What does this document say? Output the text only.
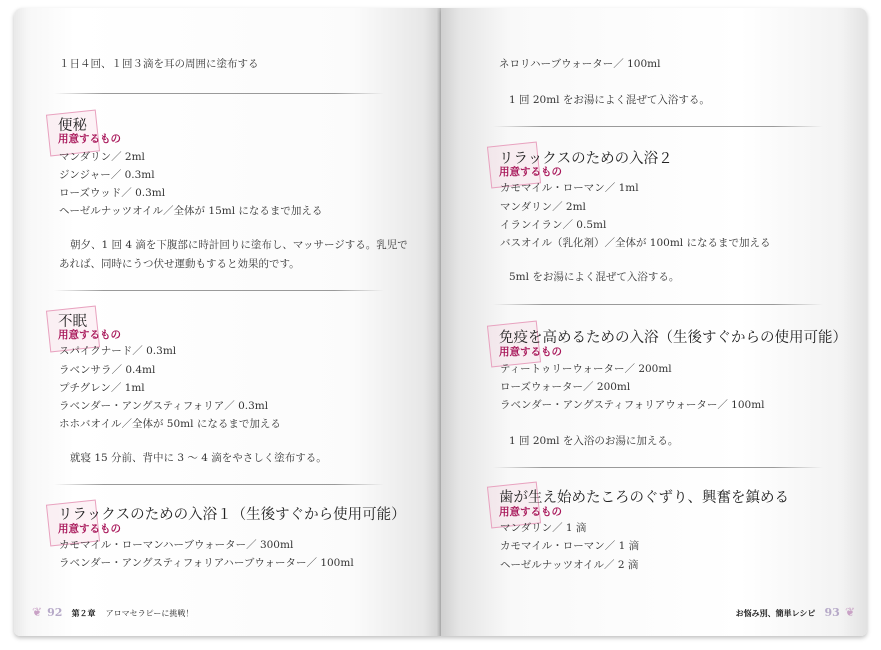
１日４回、１回３滴を耳の周囲に塗布する
便秘
用意するもの
マンダリン／ 2ml
ジンジャー／ 0.3ml
ローズウッド／ 0.3ml
ヘーゼルナッツオイル／全体が 15ml になるまで加える
朝夕、1 回 4 滴を下腹部に時計回りに塗布し、マッサージする。乳児で
あれば、同時にうつ伏せ運動もすると効果的です。
不眠
用意するもの
スパイクナード／ 0.3ml
ラベンサラ／ 0.4ml
プチグレン／ 1ml
ラベンダー・アングスティフォリア／ 0.3ml
ホホバオイル／全体が 50ml になるまで加える
就寝 15 分前、背中に 3 ～ 4 滴をやさしく塗布する。
リラックスのための入浴１（生後すぐから使用可能）
用意するもの
カモマイル・ローマンハーブウォーター／ 300ml
ラベンダー・アングスティフォリアハーブウォーター／ 100ml
❦ 92 第２章 アロマセラピーに挑戦！
ネロリハーブウォーター／ 100ml
1 回 20ml をお湯によく混ぜて入浴する。
リラックスのための入浴２
用意するもの
カモマイル・ローマン／ 1ml
マンダリン／ 2ml
イランイラン／ 0.5ml
バスオイル（乳化剤）／全体が 100ml になるまで加える
5ml をお湯によく混ぜて入浴する。
免疫を高めるための入浴（生後すぐからの使用可能）
用意するもの
ティートゥリーウォーター／ 200ml
ローズウォーター／ 200ml
ラベンダー・アングスティフォリアウォーター／ 100ml
1 回 20ml を入浴のお湯に加える。
歯が生え始めたころのぐずり、興奮を鎮める
用意するもの
マンダリン／ 1 滴
カモマイル・ローマン／ 1 滴
ヘーゼルナッツオイル／ 2 滴
お悩み別、簡単レシピ 93 ❦
